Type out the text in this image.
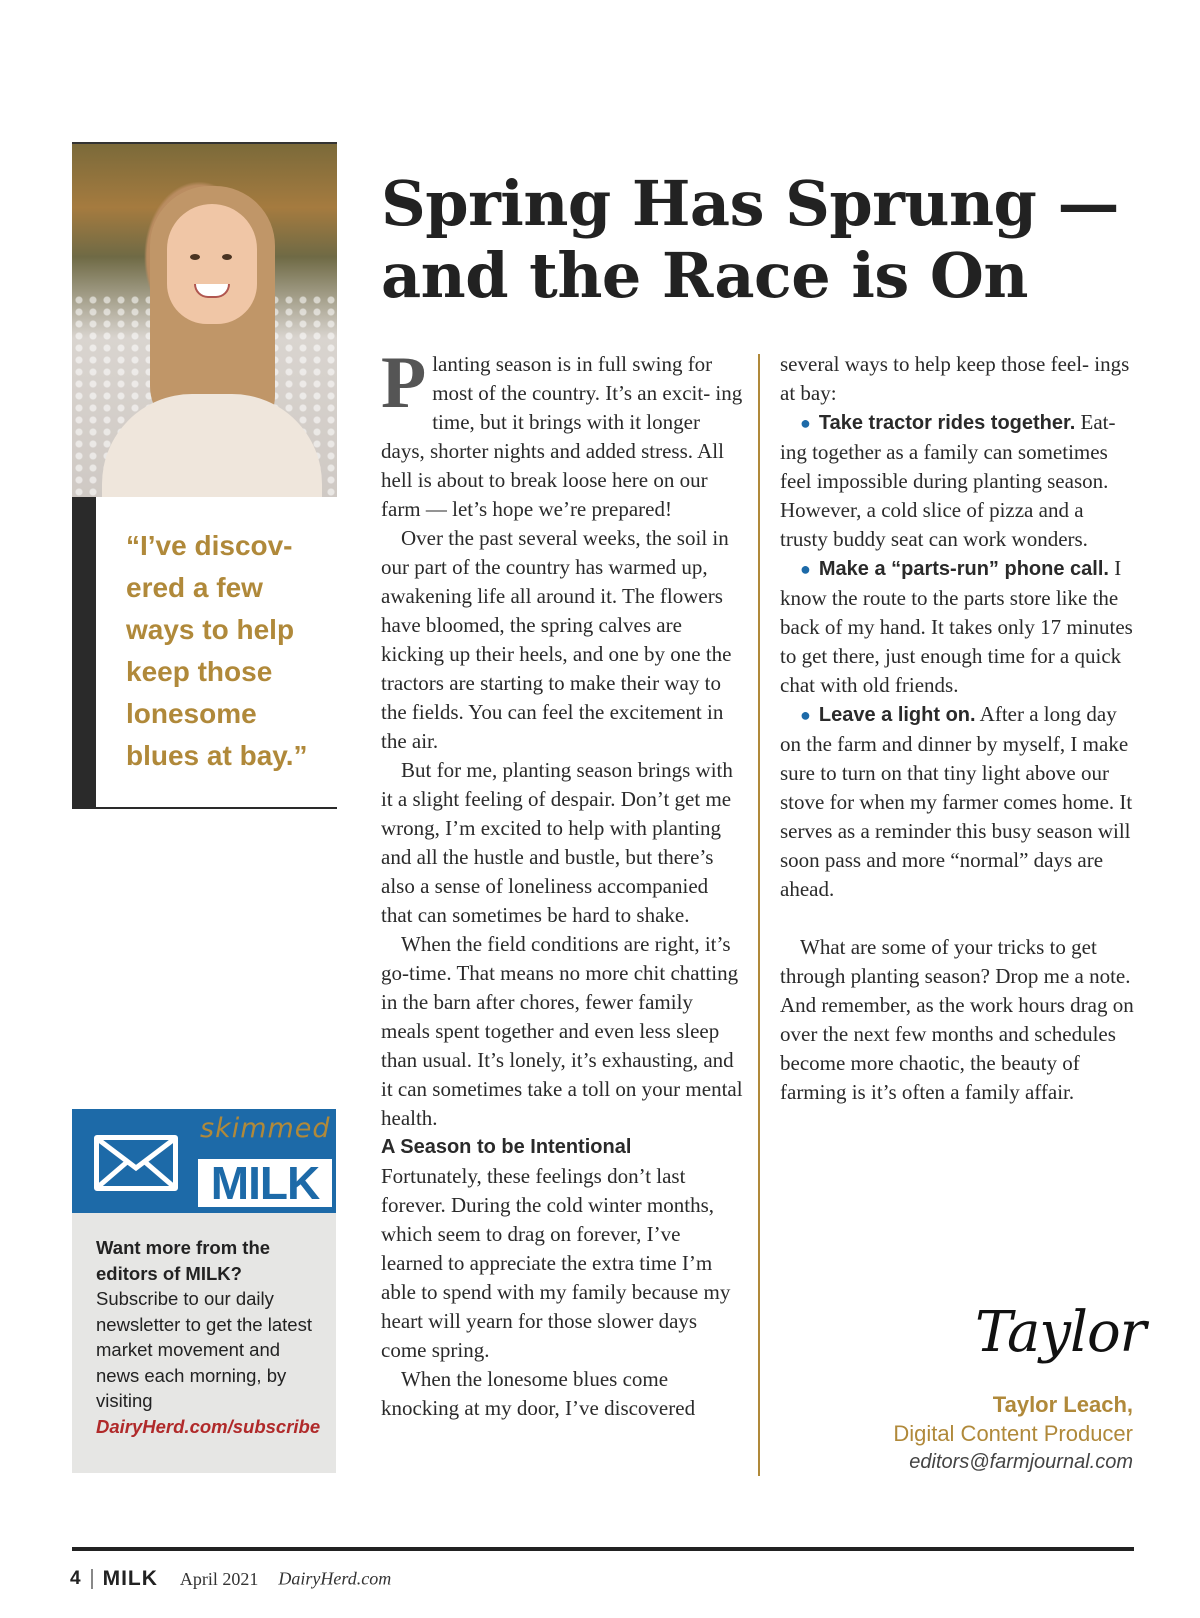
“I’ve discov- ered a few ways to help keep those lonesome blues at bay.”

skimmed
MILK
Want more from the editors of MILK?
Subscribe to our daily newsletter to get the latest market movement and news each morning, by visiting DairyHerd.com/subscribe
Spring Has Sprung — and the Race is On

Planting season is in full swing for most of the country. It’s an excit- ing time, but it brings with it longer days, shorter nights and added stress. All hell is about to break loose here on our farm — let’s hope we’re prepared!

Over the past several weeks, the soil in our part of the country has warmed up, awakening life all around it. The flowers have bloomed, the spring calves are kicking up their heels, and one by one the tractors are starting to make their way to the fields. You can feel the excitement in the air.

But for me, planting season brings with it a slight feeling of despair. Don’t get me wrong, I’m excited to help with planting and all the hustle and bustle, but there’s also a sense of loneliness accompanied that can sometimes be hard to shake.

When the field conditions are right, it’s go-time. That means no more chit chatting in the barn after chores, fewer family meals spent together and even less sleep than usual. It’s lonely, it’s exhausting, and it can sometimes take a toll on your mental health.

A Season to be Intentional

Fortunately, these feelings don’t last forever. During the cold winter months, which seem to drag on forever, I’ve learned to appreciate the extra time I’m able to spend with my family because my heart will yearn for those slower days come spring.

When the lonesome blues come knocking at my door, I’ve discovered

several ways to help keep those feel- ings at bay:

● Take tractor rides together. Eat- ing together as a family can sometimes feel impossible during planting season. However, a cold slice of pizza and a trusty buddy seat can work wonders.

● Make a “parts-run” phone call. I know the route to the parts store like the back of my hand. It takes only 17 minutes to get there, just enough time for a quick chat with old friends.

● Leave a light on. After a long day on the farm and dinner by myself, I make sure to turn on that tiny light above our stove for when my farmer comes home. It serves as a reminder this busy season will soon pass and more “normal” days are ahead.

What are some of your tricks to get through planting season? Drop me a note. And remember, as the work hours drag on over the next few months and schedules become more chaotic, the beauty of farming is it’s often a family affair.

Taylor
Taylor Leach,
Digital Content Producer
editors@farmjournal.com
4 MILK April 2021 DairyHerd.com
